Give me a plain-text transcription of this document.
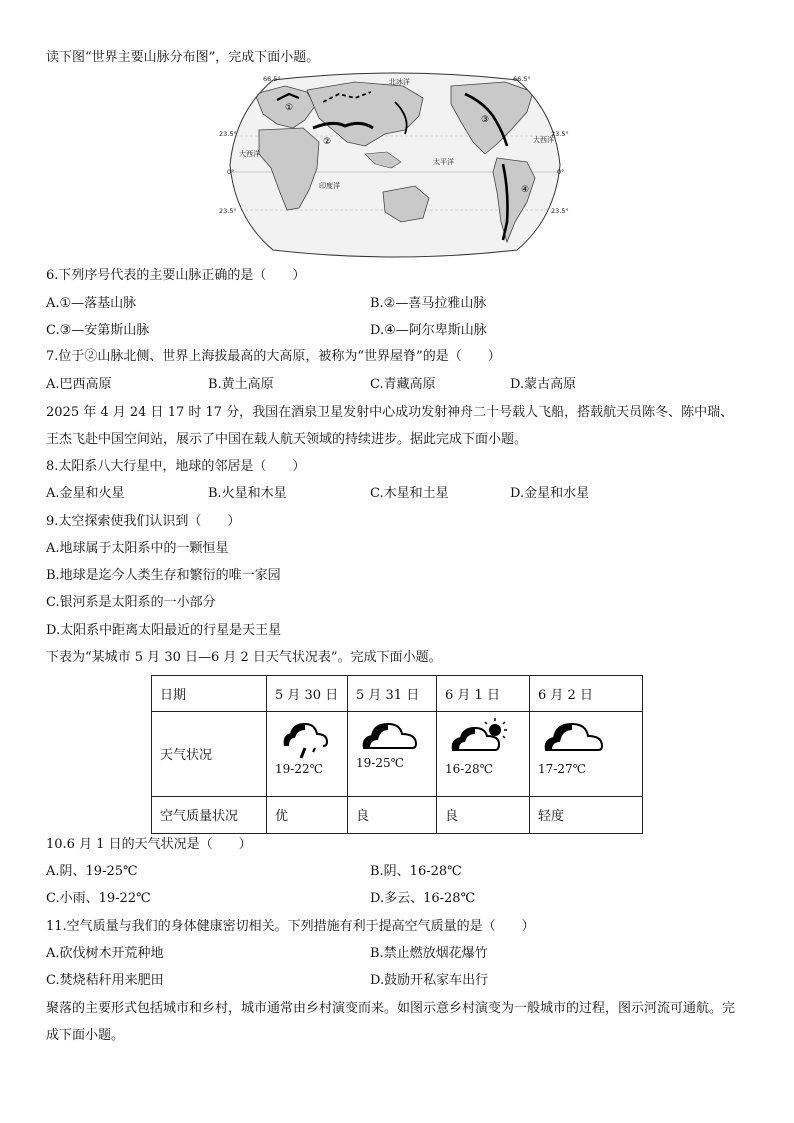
读下图“世界主要山脉分布图”，完成下面小题。
66.5°
23.5°
0°
23.5°
23.5°
0°
23.5°
66.5°
北冰洋
太平洋
印度洋
大西洋
大西洋
①
②
③
④
6.下列序号代表的主要山脉正确的是（　　）
A.①—落基山脉	B.②—喜马拉雅山脉
C.③—安第斯山脉	D.④—阿尔卑斯山脉
7.位于②山脉北侧、世界上海拔最高的大高原，被称为“世界屋脊”的是（　　）
A.巴西高原	B.黄土高原	C.青藏高原	D.蒙古高原
2025 年 4 月 24 日 17 时 17 分，我国在酒泉卫星发射中心成功发射神舟二十号载人飞船，搭载航天员陈冬、陈中瑞、王杰飞赴中国空间站，展示了中国在载人航天领域的持续进步。据此完成下面小题。
8.太阳系八大行星中，地球的邻居是（　　）
A.金星和火星	B.火星和木星	C.木星和土星	D.金星和水星
9.太空探索使我们认识到（　　）
A.地球属于太阳系中的一颗恒星
B.地球是迄今人类生存和繁衍的唯一家园
C.银河系是太阳系的一小部分
D.太阳系中距离太阳最近的行星是天王星
下表为“某城市 5 月 30 日—6 月 2 日天气状况表”。完成下面小题。
日期	5 月 30 日	5 月 31 日	6 月 1 日	6 月 2 日
天气状况	19-22℃	19-25℃	16-28℃	17-27℃

空气质量状况	优	良	良	轻度
10.6 月 1 日的天气状况是（　　）
A.阴、19-25℃	B.阴、16-28℃
C.小雨、19-22℃	D.多云、16-28℃
11.空气质量与我们的身体健康密切相关。下列措施有利于提高空气质量的是（　　）
A.砍伐树木开荒种地	B.禁止燃放烟花爆竹
C.焚烧秸秆用来肥田	D.鼓励开私家车出行
聚落的主要形式包括城市和乡村，城市通常由乡村演变而来。如图示意乡村演变为一般城市的过程，图示河流可通航。完成下面小题。
